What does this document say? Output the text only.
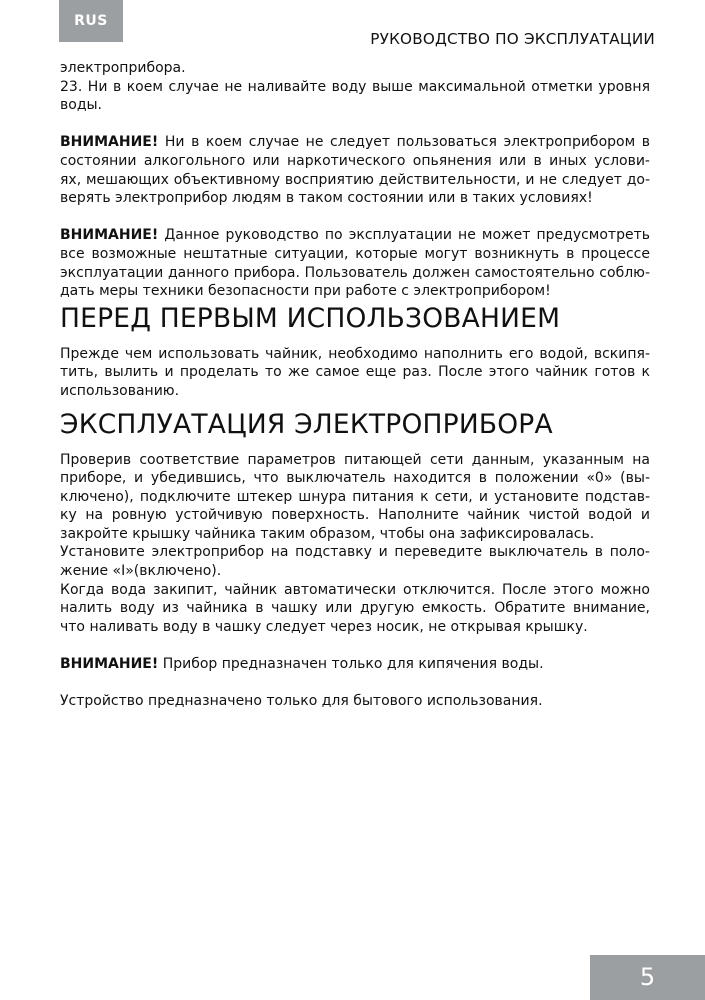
RUS
РУКОВОДСТВО ПО ЭКСПЛУАТАЦИИ
электроприбора.
23. Ни в коем случае не наливайте воду выше максимальной отметки уровня
воды.
ВНИМАНИЕ! Ни в коем случае не следует пользоваться электроприбором в
состоянии алкогольного или наркотического опьянения или в иных услови-
ях, мешающих объективному восприятию действительности, и не следует до-
верять электроприбор людям в таком состоянии или в таких условиях!
ВНИМАНИЕ! Данное руководство по эксплуатации не может предусмотреть
все возможные нештатные ситуации, которые могут возникнуть в процессе
эксплуатации данного прибора. Пользователь должен самостоятельно соблю-
дать меры техники безопасности при работе с электроприбором!
ПЕРЕД ПЕРВЫМ ИСПОЛЬЗОВАНИЕМ
Прежде чем использовать чайник, необходимо наполнить его водой, вскипя-
тить, вылить и проделать то же самое еще раз. После этого чайник готов к
использованию.
ЭКСПЛУАТАЦИЯ ЭЛЕКТРОПРИБОРА
Проверив соответствие параметров питающей сети данным, указанным на
приборе, и убедившись, что выключатель находится в положении «0» (вы-
ключено), подключите штекер шнура питания к сети, и установите подстав-
ку на ровную устойчивую поверхность. Наполните чайник чистой водой и
закройте крышку чайника таким образом, чтобы она зафиксировалась.
Установите электроприбор на подставку и переведите выключатель в поло-
жение «I»(включено).
Когда вода закипит, чайник автоматически отключится. После этого можно
налить воду из чайника в чашку или другую емкость. Обратите внимание,
что наливать воду в чашку следует через носик, не открывая крышку.
ВНИМАНИЕ! Прибор предназначен только для кипячения воды.
Устройство предназначено только для бытового использования.
5
